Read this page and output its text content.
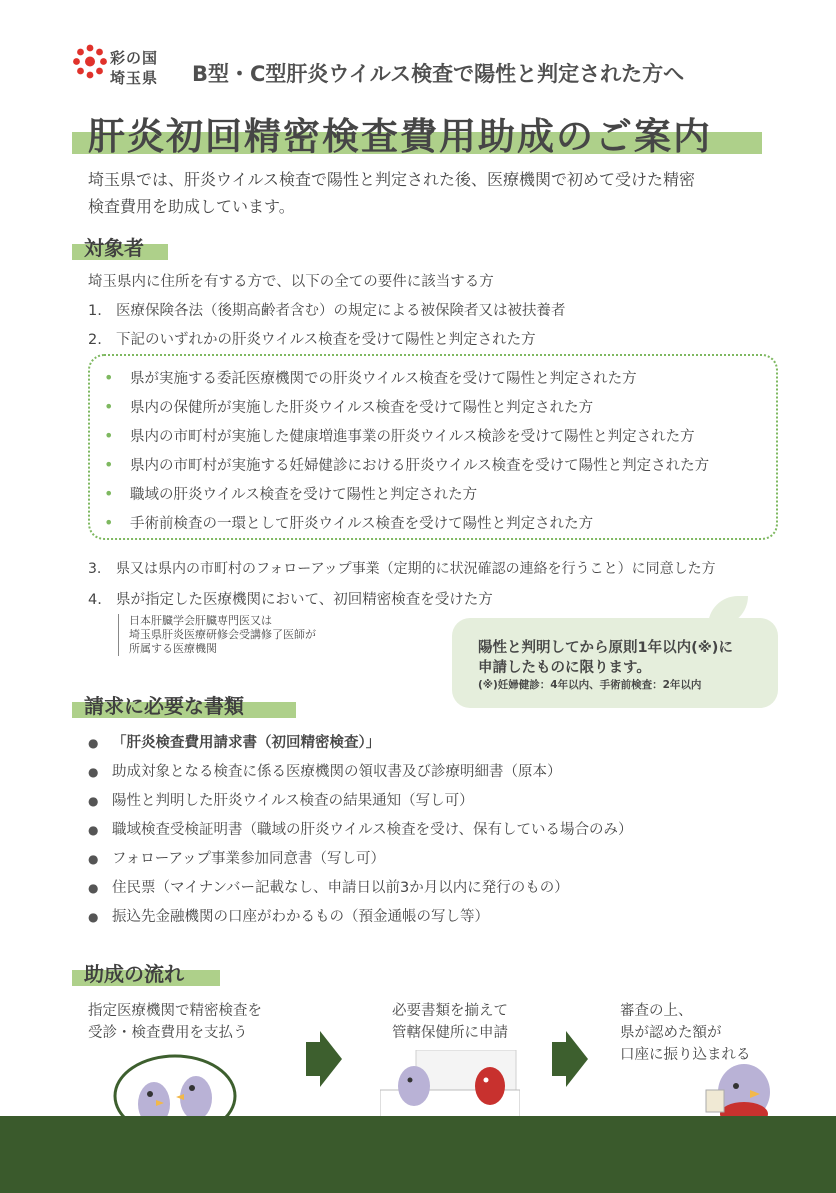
彩の国
埼玉県 B型・C型肝炎ウイルス検査で陽性と判定された方へ
肝炎初回精密検査費用助成のご案内
埼玉県では、肝炎ウイルス検査で陽性と判定された後、医療機関で初めて受けた精密
検査費用を助成しています。
対象者
埼玉県内に住所を有する方で、以下の全ての要件に該当する方
1. 医療保険各法（後期高齢者含む）の規定による被保険者又は被扶養者
2. 下記のいずれかの肝炎ウイルス検査を受けて陽性と判定された方
• 県が実施する委託医療機関での肝炎ウイルス検査を受けて陽性と判定された方
• 県内の保健所が実施した肝炎ウイルス検査を受けて陽性と判定された方
• 県内の市町村が実施した健康増進事業の肝炎ウイルス検診を受けて陽性と判定された方
• 県内の市町村が実施する妊婦健診における肝炎ウイルス検査を受けて陽性と判定された方
• 職域の肝炎ウイルス検査を受けて陽性と判定された方
• 手術前検査の一環として肝炎ウイルス検査を受けて陽性と判定された方
3. 県又は県内の市町村のフォローアップ事業（定期的に状況確認の連絡を行うこと）に同意した方
4. 県が指定した医療機関において、初回精密検査を受けた方
日本肝臓学会肝臓専門医又は
埼玉県肝炎医療研修会受講修了医師が
所属する医療機関	陽性と判明してから原則1年以内(※)に
申請したものに限ります。
(※)妊婦健診：4年以内、手術前検査：2年以内
請求に必要な書類
● 「肝炎検査費用請求書（初回精密検査）」
● 助成対象となる検査に係る医療機関の領収書及び診療明細書（原本）
● 陽性と判明した肝炎ウイルス検査の結果通知（写し可）
● 職域検査受検証明書（職域の肝炎ウイルス検査を受け、保有している場合のみ）
● フォローアップ事業参加同意書（写し可）
● 住民票（マイナンバー記載なし、申請日以前3か月以内に発行のもの）
● 振込先金融機関の口座がわかるもの（預金通帳の写し等）
助成の流れ
指定医療機関で精密検査を
受診・検査費用を支払う
必要書類を揃えて
管轄保健所に申請
審査の上、
県が認めた額が
口座に振り込まれる
